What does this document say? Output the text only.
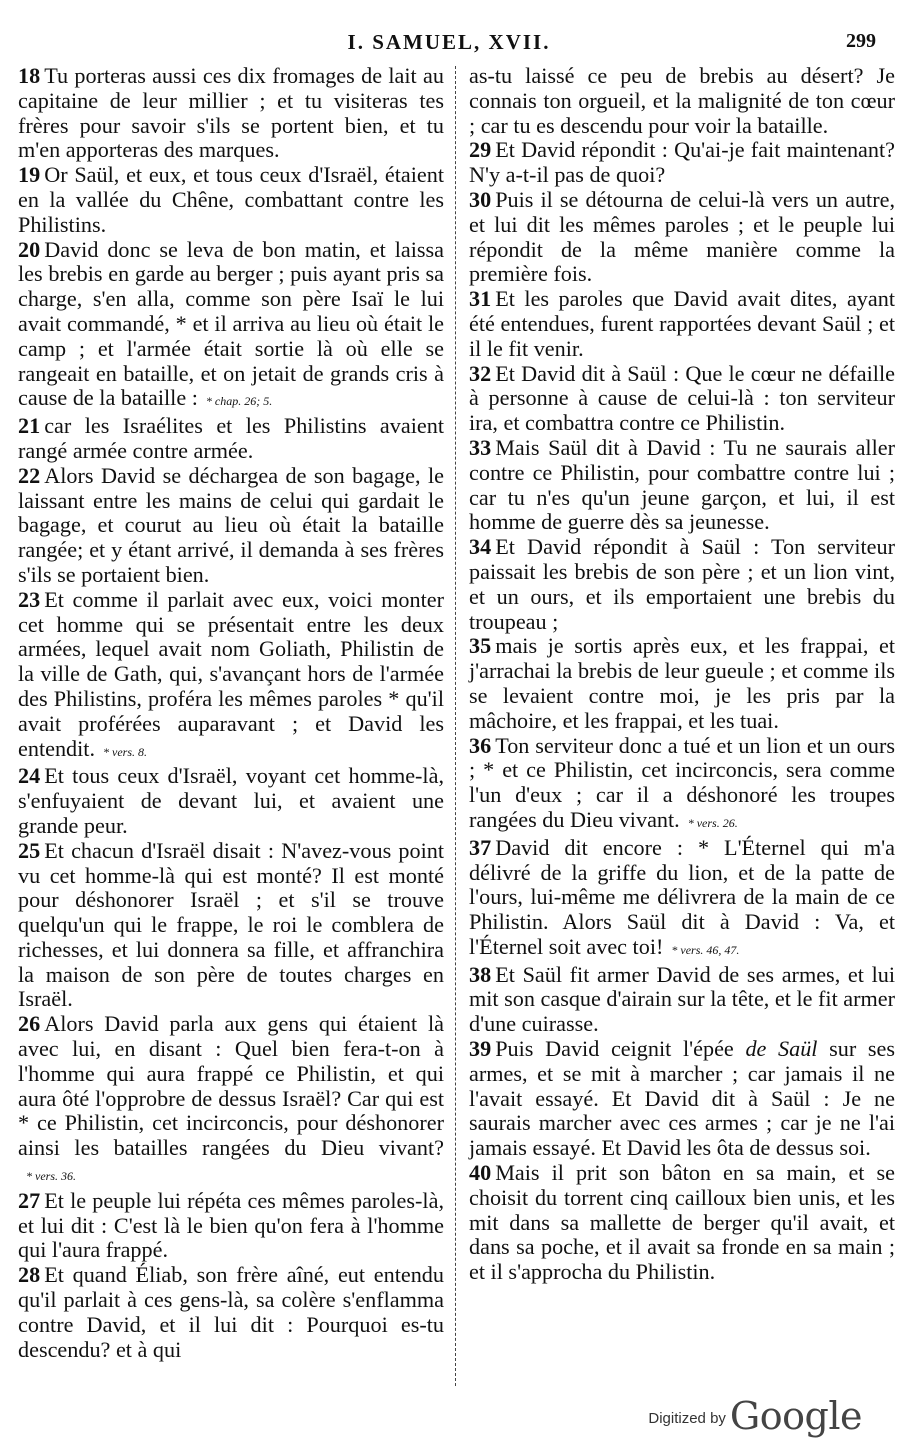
I. SAMUEL, XVII.	299

18 Tu porteras aussi ces dix fromages de lait au capitaine de leur millier ; et tu visiteras tes frères pour savoir s'ils se portent bien, et tu m'en apporteras des marques.

19 Or Saül, et eux, et tous ceux d'Israël, étaient en la vallée du Chêne, combattant contre les Philistins.

20 David donc se leva de bon matin, et laissa les brebis en garde au berger ; puis ayant pris sa charge, s'en alla, comme son père Isaï le lui avait commandé, * et il arriva au lieu où était le camp ; et l'armée était sortie là où elle se rangeait en bataille, et on jetait de grands cris à cause de la bataille : * chap. 26; 5.

21 car les Israélites et les Philistins avaient rangé armée contre armée.

22 Alors David se déchargea de son bagage, le laissant entre les mains de celui qui gardait le bagage, et courut au lieu où était la bataille rangée; et y étant arrivé, il demanda à ses frères s'ils se portaient bien.

23 Et comme il parlait avec eux, voici monter cet homme qui se présentait entre les deux armées, lequel avait nom Goliath, Philistin de la ville de Gath, qui, s'avançant hors de l'armée des Philistins, proféra les mêmes paroles * qu'il avait proférées auparavant ; et David les entendit. * vers. 8.

24 Et tous ceux d'Israël, voyant cet homme-là, s'enfuyaient de devant lui, et avaient une grande peur.

25 Et chacun d'Israël disait : N'avez-vous point vu cet homme-là qui est monté? Il est monté pour déshonorer Israël ; et s'il se trouve quelqu'un qui le frappe, le roi le comblera de richesses, et lui donnera sa fille, et affranchira la maison de son père de toutes charges en Israël.

26 Alors David parla aux gens qui étaient là avec lui, en disant : Quel bien fera-t-on à l'homme qui aura frappé ce Philistin, et qui aura ôté l'opprobre de dessus Israël? Car qui est * ce Philistin, cet incirconcis, pour déshonorer ainsi les batailles rangées du Dieu vivant?* vers. 36.

27 Et le peuple lui répéta ces mêmes paroles-là, et lui dit : C'est là le bien qu'on fera à l'homme qui l'aura frappé.

28 Et quand Éliab, son frère aîné, eut entendu qu'il parlait à ces gens-là, sa colère s'enflamma contre David, et il lui dit : Pourquoi es-tu descendu? et à qui

as-tu laissé ce peu de brebis au désert? Je connais ton orgueil, et la malignité de ton cœur ; car tu es descendu pour voir la bataille.

29 Et David répondit : Qu'ai-je fait maintenant? N'y a-t-il pas de quoi?

30 Puis il se détourna de celui-là vers un autre, et lui dit les mêmes paroles ; et le peuple lui répondit de la même manière comme la première fois.

31 Et les paroles que David avait dites, ayant été entendues, furent rapportées devant Saül ; et il le fit venir.

32 Et David dit à Saül : Que le cœur ne défaille à personne à cause de celui-là : ton serviteur ira, et combattra contre ce Philistin.

33 Mais Saül dit à David : Tu ne saurais aller contre ce Philistin, pour combattre contre lui ; car tu n'es qu'un jeune garçon, et lui, il est homme de guerre dès sa jeunesse.

34 Et David répondit à Saül : Ton serviteur paissait les brebis de son père ; et un lion vint, et un ours, et ils emportaient une brebis du troupeau ;

35 mais je sortis après eux, et les frappai, et j'arrachai la brebis de leur gueule ; et comme ils se levaient contre moi, je les pris par la mâchoire, et les frappai, et les tuai.

36 Ton serviteur donc a tué et un lion et un ours ; * et ce Philistin, cet incirconcis, sera comme l'un d'eux ; car il a déshonoré les troupes rangées du Dieu vivant. * vers. 26.

37 David dit encore : * L'Éternel qui m'a délivré de la griffe du lion, et de la patte de l'ours, lui-même me délivrera de la main de ce Philistin. Alors Saül dit à David : Va, et l'Éternel soit avec toi! * vers. 46, 47.

38 Et Saül fit armer David de ses armes, et lui mit son casque d'airain sur la tête, et le fit armer d'une cuirasse.

39 Puis David ceignit l'épée de Saül sur ses armes, et se mit à marcher ; car jamais il ne l'avait essayé. Et David dit à Saül : Je ne saurais marcher avec ces armes ; car je ne l'ai jamais essayé. Et David les ôta de dessus soi.

40 Mais il prit son bâton en sa main, et se choisit du torrent cinq cailloux bien unis, et les mit dans sa mallette de berger qu'il avait, et dans sa poche, et il avait sa fronde en sa main ; et il s'approcha du Philistin.

Digitized by Google
